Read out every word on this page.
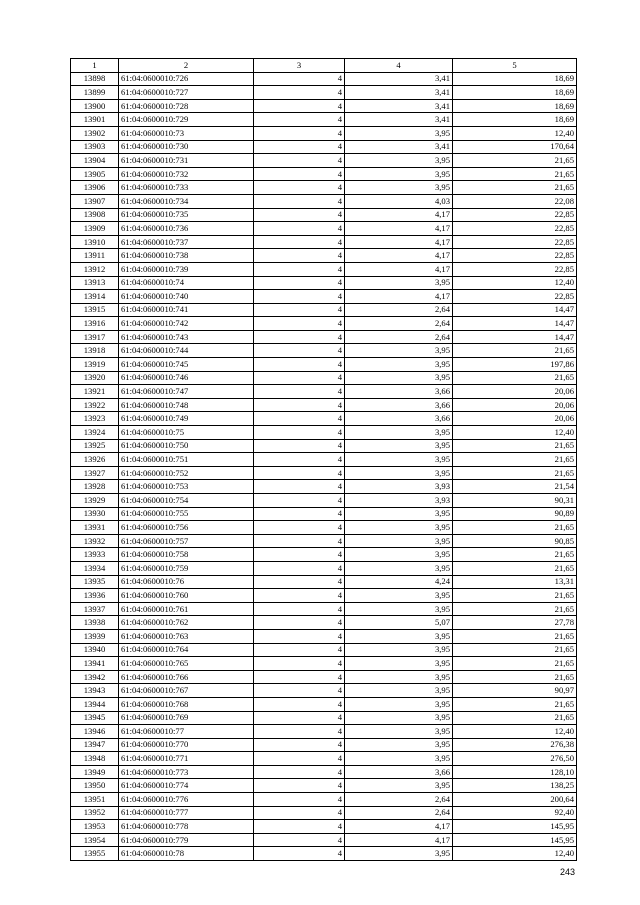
1	2	3	4	5
13898	61:04:0600010:726	4	3,41	18,69
13899	61:04:0600010:727	4	3,41	18,69
13900	61:04:0600010:728	4	3,41	18,69
13901	61:04:0600010:729	4	3,41	18,69
13902	61:04:0600010:73	4	3,95	12,40
13903	61:04:0600010:730	4	3,41	170,64
13904	61:04:0600010:731	4	3,95	21,65
13905	61:04:0600010:732	4	3,95	21,65
13906	61:04:0600010:733	4	3,95	21,65
13907	61:04:0600010:734	4	4,03	22,08
13908	61:04:0600010:735	4	4,17	22,85
13909	61:04:0600010:736	4	4,17	22,85
13910	61:04:0600010:737	4	4,17	22,85
13911	61:04:0600010:738	4	4,17	22,85
13912	61:04:0600010:739	4	4,17	22,85
13913	61:04:0600010:74	4	3,95	12,40
13914	61:04:0600010:740	4	4,17	22,85
13915	61:04:0600010:741	4	2,64	14,47
13916	61:04:0600010:742	4	2,64	14,47
13917	61:04:0600010:743	4	2,64	14,47
13918	61:04:0600010:744	4	3,95	21,65
13919	61:04:0600010:745	4	3,95	197,86
13920	61:04:0600010:746	4	3,95	21,65
13921	61:04:0600010:747	4	3,66	20,06
13922	61:04:0600010:748	4	3,66	20,06
13923	61:04:0600010:749	4	3,66	20,06
13924	61:04:0600010:75	4	3,95	12,40
13925	61:04:0600010:750	4	3,95	21,65
13926	61:04:0600010:751	4	3,95	21,65
13927	61:04:0600010:752	4	3,95	21,65
13928	61:04:0600010:753	4	3,93	21,54
13929	61:04:0600010:754	4	3,93	90,31
13930	61:04:0600010:755	4	3,95	90,89
13931	61:04:0600010:756	4	3,95	21,65
13932	61:04:0600010:757	4	3,95	90,85
13933	61:04:0600010:758	4	3,95	21,65
13934	61:04:0600010:759	4	3,95	21,65
13935	61:04:0600010:76	4	4,24	13,31
13936	61:04:0600010:760	4	3,95	21,65
13937	61:04:0600010:761	4	3,95	21,65
13938	61:04:0600010:762	4	5,07	27,78
13939	61:04:0600010:763	4	3,95	21,65
13940	61:04:0600010:764	4	3,95	21,65
13941	61:04:0600010:765	4	3,95	21,65
13942	61:04:0600010:766	4	3,95	21,65
13943	61:04:0600010:767	4	3,95	90,97
13944	61:04:0600010:768	4	3,95	21,65
13945	61:04:0600010:769	4	3,95	21,65
13946	61:04:0600010:77	4	3,95	12,40
13947	61:04:0600010:770	4	3,95	276,38
13948	61:04:0600010:771	4	3,95	276,50
13949	61:04:0600010:773	4	3,66	128,10
13950	61:04:0600010:774	4	3,95	138,25
13951	61:04:0600010:776	4	2,64	200,64
13952	61:04:0600010:777	4	2,64	92,40
13953	61:04:0600010:778	4	4,17	145,95
13954	61:04:0600010:779	4	4,17	145,95
13955	61:04:0600010:78	4	3,95	12,40
243
